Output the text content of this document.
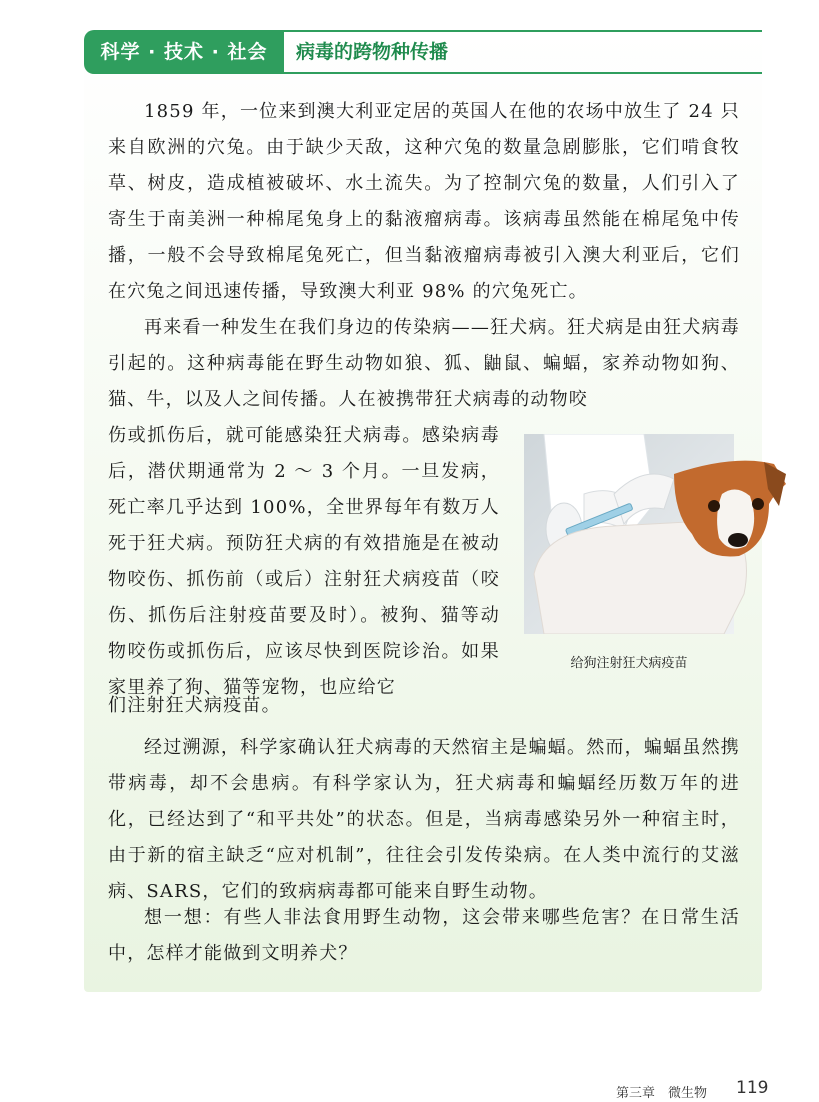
科学 · 技术 · 社会	病毒的跨物种传播

1859 年，一位来到澳大利亚定居的英国人在他的农场中放生了 24 只来自欧洲的穴兔。由于缺少天敌，这种穴兔的数量急剧膨胀，它们啃食牧草、树皮，造成植被破坏、水土流失。为了控制穴兔的数量，人们引入了寄生于南美洲一种棉尾兔身上的黏液瘤病毒。该病毒虽然能在棉尾兔中传播，一般不会导致棉尾兔死亡，但当黏液瘤病毒被引入澳大利亚后，它们在穴兔之间迅速传播，导致澳大利亚 98% 的穴兔死亡。

再来看一种发生在我们身边的传染病——狂犬病。狂犬病是由狂犬病毒引起的。这种病毒能在野生动物如狼、狐、鼬鼠、蝙蝠，家养动物如狗、猫、牛，以及人之间传播。人在被携带狂犬病毒的动物咬

伤或抓伤后，就可能感染狂犬病毒。感染病毒后，潜伏期通常为 2 ～ 3 个月。一旦发病，死亡率几乎达到 100%，全世界每年有数万人死于狂犬病。预防狂犬病的有效措施是在被动物咬伤、抓伤前（或后）注射狂犬病疫苗（咬伤、抓伤后注射疫苗要及时）。被狗、猫等动物咬伤或抓伤后，应该尽快到医院诊治。如果家里养了狗、猫等宠物，也应给它
们注射狂犬病疫苗。
给狗注射狂犬病疫苗

经过溯源，科学家确认狂犬病毒的天然宿主是蝙蝠。然而，蝙蝠虽然携带病毒，却不会患病。有科学家认为，狂犬病毒和蝙蝠经历数万年的进化，已经达到了“和平共处”的状态。但是，当病毒感染另外一种宿主时，由于新的宿主缺乏“应对机制”，往往会引发传染病。在人类中流行的艾滋病、SARS，它们的致病病毒都可能来自野生动物。

想一想：有些人非法食用野生动物，这会带来哪些危害？在日常生活中，怎样才能做到文明养犬？

第三章　微生物 119
